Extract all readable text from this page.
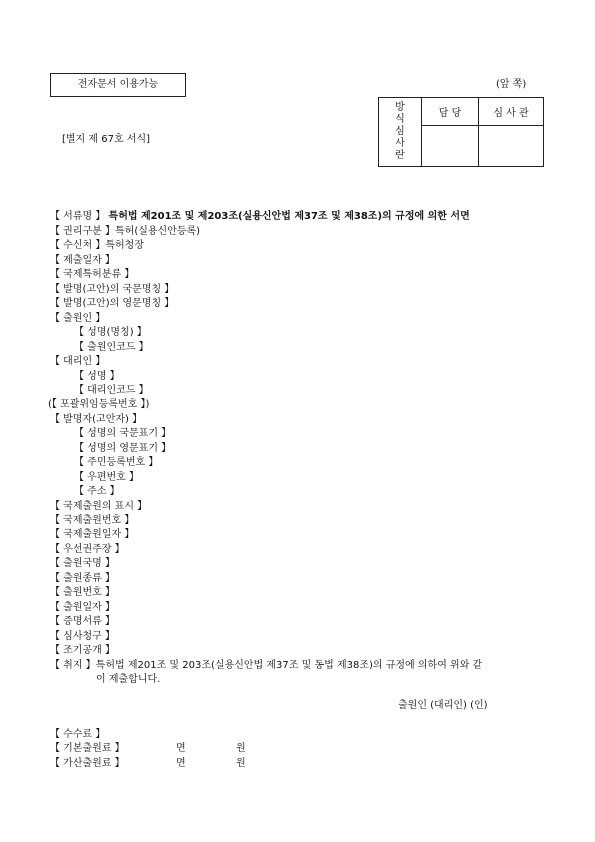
전자문서 이용가능	(앞 쪽)
[별지 제 67호 서식]
방
식
심
사
란	담 당	심 사 관

【 서류명 】 특허법 제201조 및 제203조(실용신안법 제37조 및 제38조)의 규정에 의한 서면
【 권리구분 】특허(실용신안등록)
【 수신처 】특허청장
【 제출일자 】
【 국제특허분류 】
【 발명(고안)의 국문명칭 】
【 발명(고안)의 영문명칭 】
【 출원인 】
【 성명(명칭) 】
【 출원인코드 】
【 대리인 】
【 성명 】
【 대리인코드 】
(【 포괄위임등록번호 】)
【 발명자(고안자) 】
【 성명의 국문표기 】
【 성명의 영문표기 】
【 주민등록번호 】
【 우편번호 】
【 주소 】
【 국제출원의 표시 】
【 국제출원번호 】
【 국제출원일자 】
【 우선권주장 】
【 출원국명 】
【 출원종류 】
【 출원번호 】
【 출원일자 】
【 증명서류 】
【 심사청구 】
【 조기공개 】
【 취지 】특허법 제201조 및 203조(실용신안법 제37조 및 동법 제38조)의 규정에 의하여 위와 같
이 제출합니다.
출원인 (대리인) (인)
【 수수료 】
【 기본출원료 】	면	원
【 가산출원료 】	면	원
